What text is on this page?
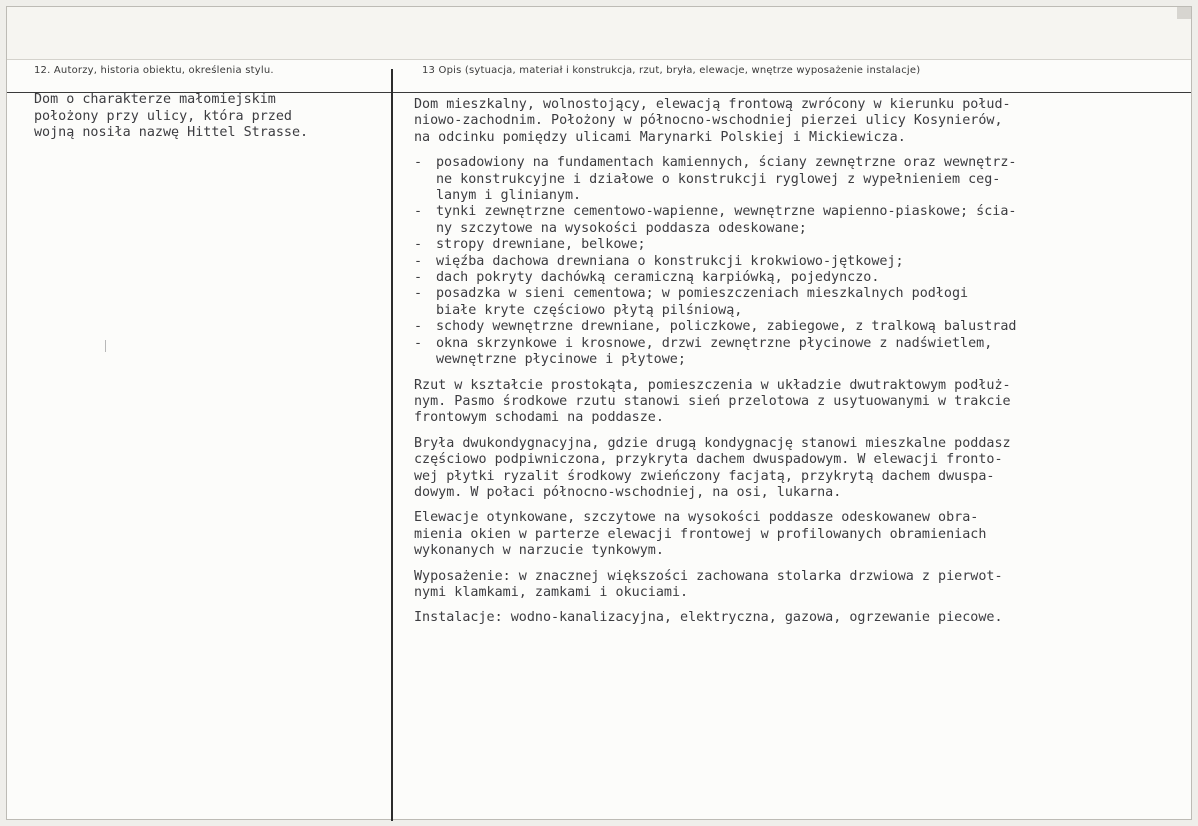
12. Autorzy, historia obiektu, określenia stylu.	13 Opis (sytuacja, materiał i konstrukcja, rzut, bryła, elewacje, wnętrze wyposażenie instalacje)
Dom o charakterze małomiejskim
położony przy ulicy, która przed
wojną nosiła nazwę Hittel Strasse.
Dom mieszkalny, wolnostojący, elewacją frontową zwrócony w kierunku połud-
niowo-zachodnim. Położony w północno-wschodniej pierzei ulicy Kosynierów,
na odcinku pomiędzy ulicami Marynarki Polskiej i Mickiewicza.
-	posadowiony na fundamentach kamiennych, ściany zewnętrzne oraz wewnętrz-
ne konstrukcyjne i działowe o konstrukcji ryglowej z wypełnieniem ceg-
lanym i glinianym.
-	tynki zewnętrzne cementowo-wapienne, wewnętrzne wapienno-piaskowe; ścia-
ny szczytowe na wysokości poddasza odeskowane;
-	stropy drewniane, belkowe;
-	więźba dachowa drewniana o konstrukcji krokwiowo-jętkowej;
-	dach pokryty dachówką ceramiczną karpiówką, pojedynczo.
-	posadzka w sieni cementowa; w pomieszczeniach mieszkalnych podłogi
białe kryte częściowo płytą pilśniową,
-	schody wewnętrzne drewniane, policzkowe, zabiegowe, z tralkową balustrad
-	okna skrzynkowe i krosnowe, drzwi zewnętrzne płycinowe z nadświetlem,
wewnętrzne płycinowe i płytowe;
Rzut w kształcie prostokąta, pomieszczenia w układzie dwutraktowym podłuż-
nym. Pasmo środkowe rzutu stanowi sień przelotowa z usytuowanymi w trakcie
frontowym schodami na poddasze.
Bryła dwukondygnacyjna, gdzie drugą kondygnację stanowi mieszkalne poddasz
częściowo podpiwniczona, przykryta dachem dwuspadowym. W elewacji fronto-
wej płytki ryzalit środkowy zwieńczony facjatą, przykrytą dachem dwuspa-
dowym. W połaci północno-wschodniej, na osi, lukarna.
Elewacje otynkowane, szczytowe na wysokości poddasze odeskowanew obra-
mienia okien w parterze elewacji frontowej w profilowanych obramieniach
wykonanych w narzucie tynkowym.
Wyposażenie: w znacznej większości zachowana stolarka drzwiowa z pierwot-
nymi klamkami, zamkami i okuciami.
Instalacje: wodno-kanalizacyjna, elektryczna, gazowa, ogrzewanie piecowe.
